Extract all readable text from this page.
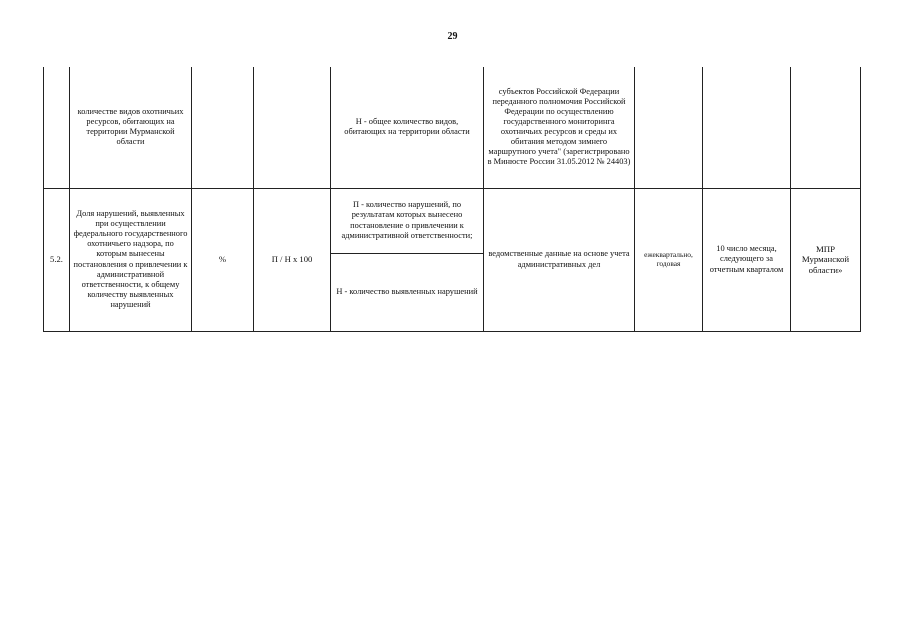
29
	количестве видов охотничьих ресурсов, обитающих на территории Мурманской области			Н - общее количество видов, обитающих на территории области	субъектов Российской Федерации переданного полномочия Российской Федерации по осуществлению государственного мониторинга охотничьих ресурсов и среды их обитания методом зимнего маршрутного учета" (зарегистрировано в Минюсте России 31.05.2012 № 24403)			
5.2.	Доля нарушений, выявленных при осуществлении федерального государственного охотничьего надзора, по которым вынесены постановления о привлечении к административной ответственности, к общему количеству выявленных нарушений	%	П / Н х 100	П - количество нарушений, по результатам которых вынесено постановление о привлечении к административной ответственности;	ведомственные данные на основе учета административных дел	ежеквартально, годовая	10 число месяца, следующего за отчетным кварталом	МПР Мурманской области»
				Н - количество выявленных нарушений				
